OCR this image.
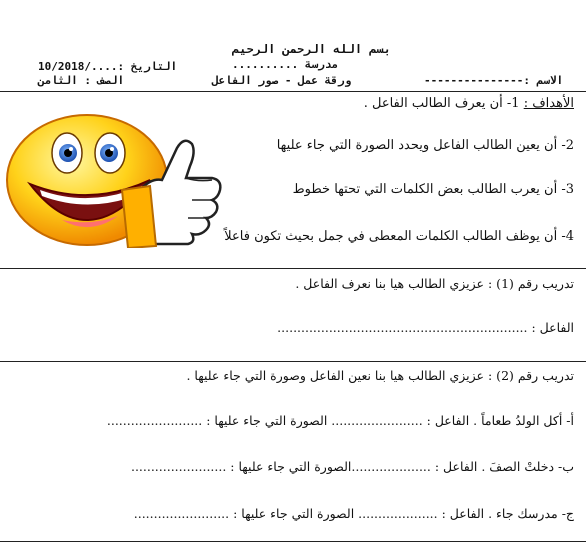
بسم الله الرحمن الرحيم
مدرسة ..........
التاريخ :..../10/2018
ورقة عمل - صور الفاعل	الاسم :---------------
الصف : الثامن
الأهداف : 1- أن يعرف الطالب الفاعل .
2- أن يعين الطالب الفاعل ويحدد الصورة التي جاء عليها
3- أن يعرب الطالب بعض الكلمات التي تحتها خطوط
4- أن يوظف الطالب الكلمات المعطى في جمل بحيث تكون فاعلاً
تدريب رقم (1) : عزيزي الطالب هيا بنا نعرف الفاعل .
الفاعل : ...............................................................
تدريب رقم (2) : عزيزي الطالب هيا بنا نعين الفاعل وصورة التي جاء عليها .
أ- أكل الولدُ طعاماً . الفاعل : ....................... الصورة التي جاء عليها : ........................
ب- دخلتْ الصفَ . الفاعل : ....................الصورة التي جاء عليها : ........................
ج- مدرسك جاء . الفاعل : .................... الصورة التي جاء عليها : ........................
